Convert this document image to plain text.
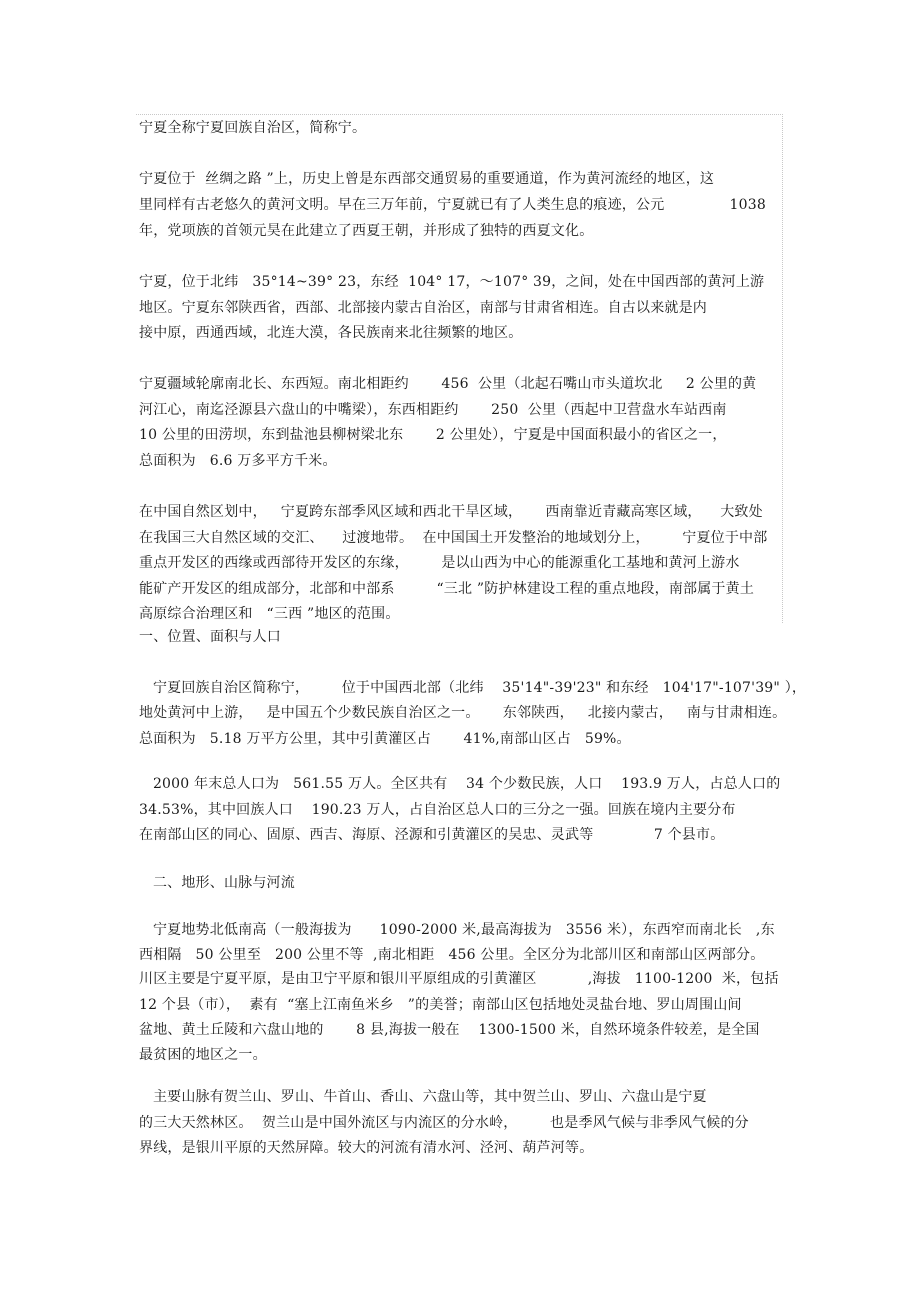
宁夏全称宁夏回族自治区，简称宁。
宁夏位于  丝绸之路 ”上，历史上曾是东西部交通贸易的重要通道，作为黄河流经的地区，这
里同样有古老悠久的黄河文明。早在三万年前，宁夏就已有了人类生息的痕迹，公元              1038
年，党项族的首领元昊在此建立了西夏王朝，并形成了独特的西夏文化。
宁夏，位于北纬   35°14~39° 23，东经  104° 17，～107° 39，之间，处在中国西部的黄河上游
地区。宁夏东邻陕西省，西部、北部接内蒙古自治区，南部与甘肃省相连。自古以来就是内
接中原，西通西域，北连大漠，各民族南来北往频繁的地区。
宁夏疆域轮廓南北长、东西短。南北相距约       456  公里（北起石嘴山市头道坎北     2 公里的黄
河江心，南迄泾源县六盘山的中嘴梁），东西相距约       250  公里（西起中卫营盘水车站西南
10 公里的田涝坝，东到盐池县柳树梁北东       2 公里处），宁夏是中国面积最小的省区之一，
总面积为   6.6 万多平方千米。
在中国自然区划中，   宁夏跨东部季风区域和西北干旱区域，     西南靠近青藏高寒区域，    大致处
在我国三大自然区域的交汇、    过渡地带。  在中国国土开发整治的地域划分上，       宁夏位于中部
重点开发区的西缘或西部待开发区的东缘，       是以山西为中心的能源重化工基地和黄河上游水
能矿产开发区的组成部分，北部和中部系         “三北 ”防护林建设工程的重点地段，南部属于黄土
高原综合治理区和   “三西 ”地区的范围。
一、位置、面积与人口
宁夏回族自治区简称宁，       位于中国西北部（北纬    35'14"-39'23" 和东经   104'17"-107'39" ），
地处黄河中上游，   是中国五个少数民族自治区之一。     东邻陕西，   北接内蒙古，   南与甘肃相连。
总面积为   5.18 万平方公里，其中引黄灌区占       41%,南部山区占   59%。
2000 年末总人口为   561.55 万人。全区共有    34 个少数民族，人口    193.9 万人，占总人口的
34.53%，其中回族人口    190.23 万人，占自治区总人口的三分之一强。回族在境内主要分布
在南部山区的同心、固原、西吉、海原、泾源和引黄灌区的吴忠、灵武等             7 个县市。
二、地形、山脉与河流
宁夏地势北低南高（一般海拔为      1090-2000 米,最高海拔为   3556 米），东西窄而南北长   ,东
西相隔   50 公里至   200 公里不等  ,南北相距   456 公里。全区分为北部川区和南部山区两部分。
川区主要是宁夏平原，是由卫宁平原和银川平原组成的引黄灌区           ,海拔   1100-1200  米，包括
12 个县（市），  素有  “塞上江南鱼米乡   ”的美誉；南部山区包括地处灵盐台地、罗山周围山间
盆地、黄土丘陵和六盘山地的       8 县,海拔一般在    1300-1500 米，自然环境条件较差，是全国
最贫困的地区之一。
主要山脉有贺兰山、罗山、牛首山、香山、六盘山等，其中贺兰山、罗山、六盘山是宁夏
的三大天然林区。  贺兰山是中国外流区与内流区的分水岭，       也是季风气候与非季风气候的分
界线，是银川平原的天然屏障。较大的河流有清水河、泾河、葫芦河等。
